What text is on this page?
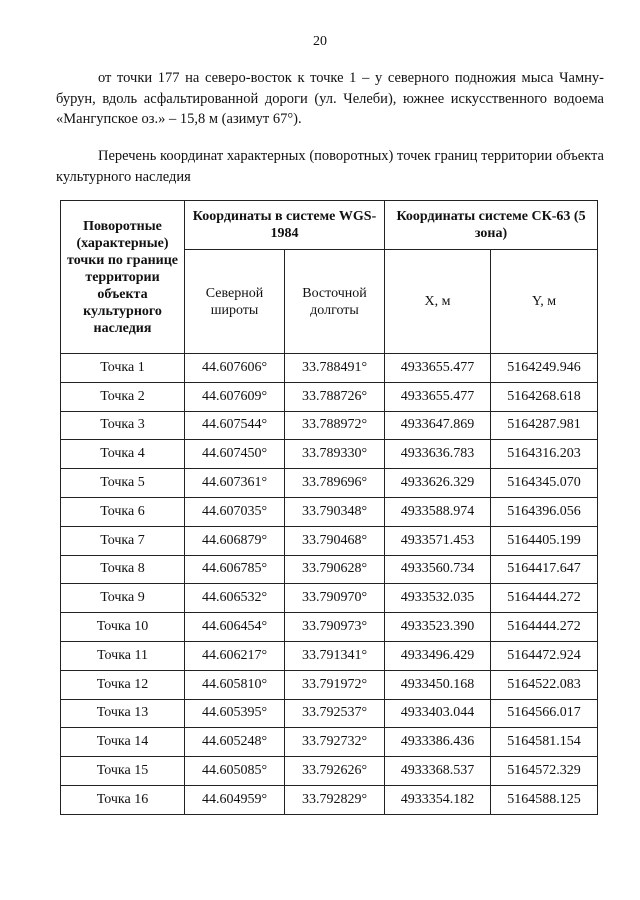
20

от точки 177 на северо-восток к точке 1 – у северного подножия мыса Чамну-бурун, вдоль асфальтированной дороги (ул. Челеби), южнее искусственного водоема «Мангупское оз.» – 15,8 м (азимут 67°).

Перечень координат характерных (поворотных) точек границ территории объекта культурного наследия

Поворотные (характерные) точки по границе территории объекта культурного наследия	Координаты в системе WGS-1984		Координаты системе СК-63 (5 зона)	
	Северной широты	Восточной долготы	X, м	Y, м
Точка 1	44.607606°	33.788491°	4933655.477	5164249.946
Точка 2	44.607609°	33.788726°	4933655.477	5164268.618
Точка 3	44.607544°	33.788972°	4933647.869	5164287.981
Точка 4	44.607450°	33.789330°	4933636.783	5164316.203
Точка 5	44.607361°	33.789696°	4933626.329	5164345.070
Точка 6	44.607035°	33.790348°	4933588.974	5164396.056
Точка 7	44.606879°	33.790468°	4933571.453	5164405.199
Точка 8	44.606785°	33.790628°	4933560.734	5164417.647
Точка 9	44.606532°	33.790970°	4933532.035	5164444.272
Точка 10	44.606454°	33.790973°	4933523.390	5164444.272
Точка 11	44.606217°	33.791341°	4933496.429	5164472.924
Точка 12	44.605810°	33.791972°	4933450.168	5164522.083
Точка 13	44.605395°	33.792537°	4933403.044	5164566.017
Точка 14	44.605248°	33.792732°	4933386.436	5164581.154
Точка 15	44.605085°	33.792626°	4933368.537	5164572.329
Точка 16	44.604959°	33.792829°	4933354.182	5164588.125
